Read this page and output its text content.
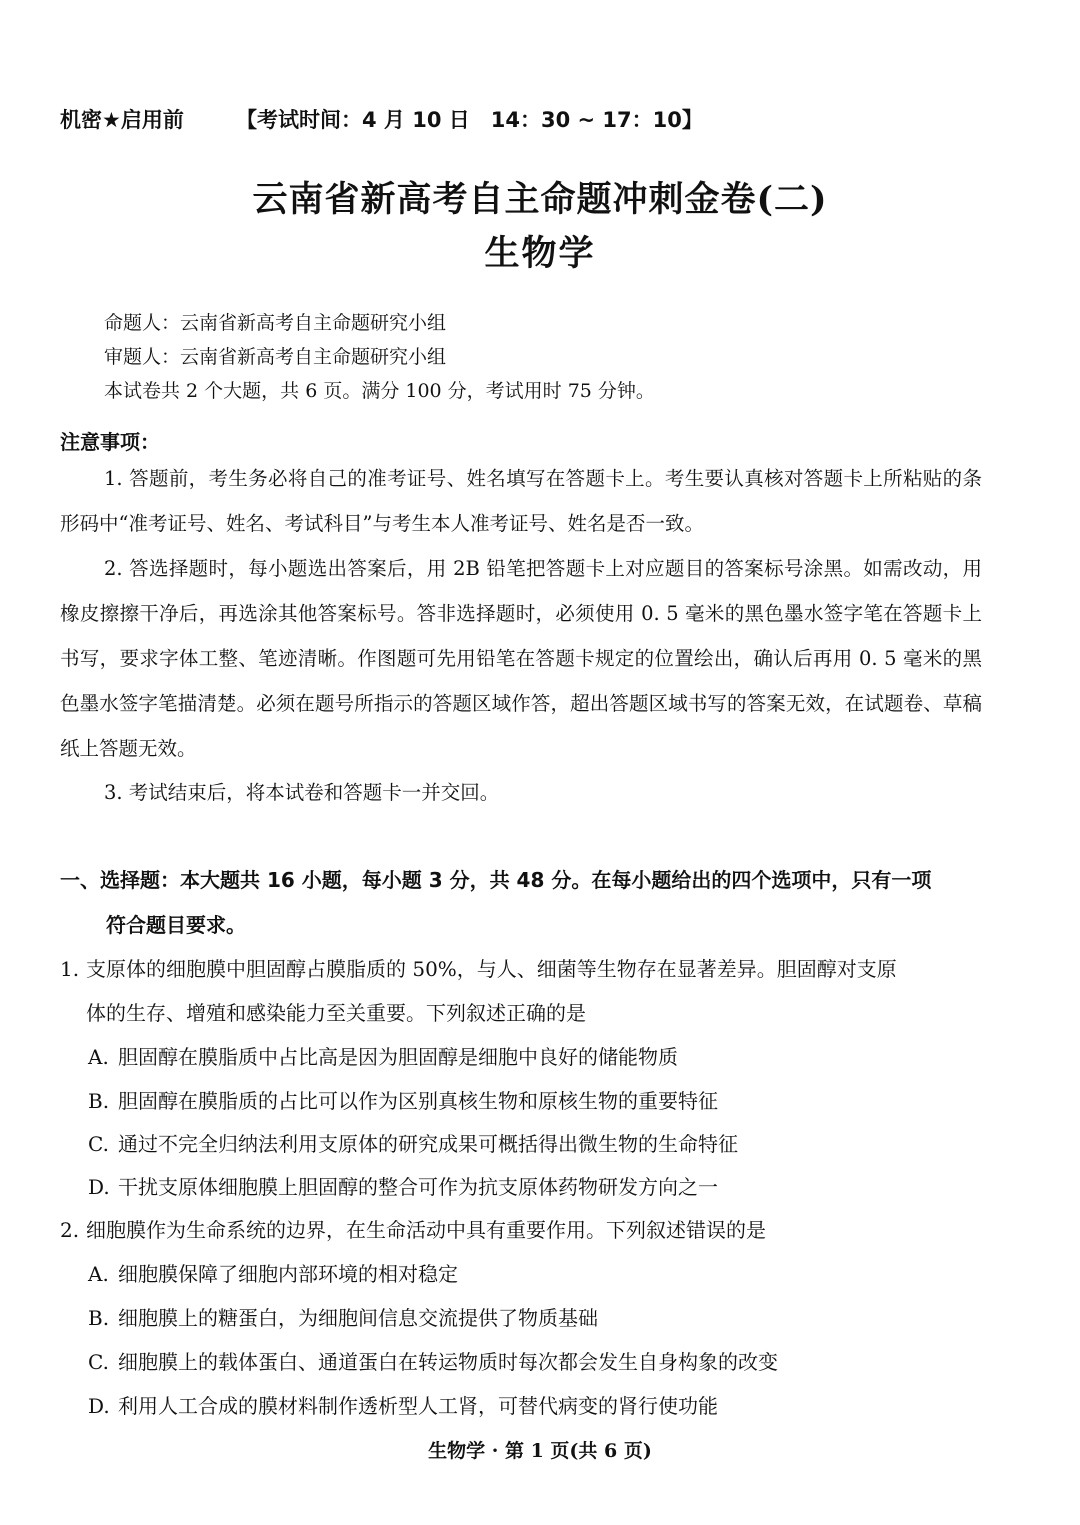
机密★启用前 【考试时间：4 月 10 日　14：30 ~ 17：10】
云南省新高考自主命题冲刺金卷(二)
生物学
命题人：云南省新高考自主命题研究小组
审题人：云南省新高考自主命题研究小组
本试卷共 2 个大题，共 6 页。满分 100 分，考试用时 75 分钟。
注意事项：

1. 答题前，考生务必将自己的准考证号、姓名填写在答题卡上。考生要认真核对答题卡上所粘贴的条形码中“准考证号、姓名、考试科目”与考生本人准考证号、姓名是否一致。

2. 答选择题时，每小题选出答案后，用 2B 铅笔把答题卡上对应题目的答案标号涂黑。如需改动，用橡皮擦擦干净后，再选涂其他答案标号。答非选择题时，必须使用 0. 5 毫米的黑色墨水签字笔在答题卡上书写，要求字体工整、笔迹清晰。作图题可先用铅笔在答题卡规定的位置绘出，确认后再用 0. 5 毫米的黑色墨水签字笔描清楚。必须在题号所指示的答题区域作答，超出答题区域书写的答案无效，在试题卷、草稿纸上答题无效。

3. 考试结束后，将本试卷和答题卡一并交回。

一、选择题：本大题共 16 小题，每小题 3 分，共 48 分。在每小题给出的四个选项中，只有一项
符合题目要求。
1. 支原体的细胞膜中胆固醇占膜脂质的 50%，与人、细菌等生物存在显著差异。胆固醇对支原
体的生存、增殖和感染能力至关重要。下列叙述正确的是
A. 胆固醇在膜脂质中占比高是因为胆固醇是细胞中良好的储能物质
B. 胆固醇在膜脂质的占比可以作为区别真核生物和原核生物的重要特征
C. 通过不完全归纳法利用支原体的研究成果可概括得出微生物的生命特征
D. 干扰支原体细胞膜上胆固醇的整合可作为抗支原体药物研发方向之一
2. 细胞膜作为生命系统的边界，在生命活动中具有重要作用。下列叙述错误的是
A. 细胞膜保障了细胞内部环境的相对稳定
B. 细胞膜上的糖蛋白，为细胞间信息交流提供了物质基础
C. 细胞膜上的载体蛋白、通道蛋白在转运物质时每次都会发生自身构象的改变
D. 利用人工合成的膜材料制作透析型人工肾，可替代病变的肾行使功能
生物学 · 第 1 页(共 6 页)
